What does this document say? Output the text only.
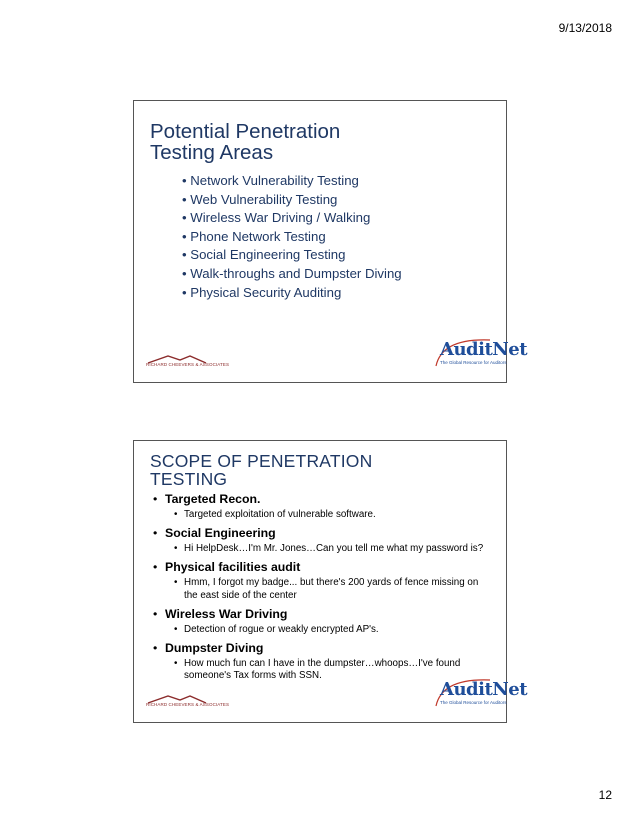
9/13/2018
Potential Penetration
Testing Areas
• Network Vulnerability Testing
• Web Vulnerability Testing
• Wireless War Driving / Walking
• Phone Network Testing
• Social Engineering Testing
• Walk-throughs and Dumpster Diving
• Physical Security Auditing
RICHARD CHEEVERS & ASSOCIATES
AuditNet
The Global Resource for Auditors
SCOPE OF PENETRATION
TESTING
• Targeted Recon.
• Targeted exploitation of vulnerable software.
• Social Engineering
• Hi HelpDesk…I'm Mr. Jones…Can you tell me what my password is?
• Physical facilities audit
• Hmm, I forgot my badge... but there's 200 yards of fence missing on the east side of the center
• Wireless War Driving
• Detection of rogue or weakly encrypted AP's.
• Dumpster Diving
• How much fun can I have in the dumpster…whoops…I've found someone's Tax forms with SSN.
RICHARD CHEEVERS & ASSOCIATES
AuditNet
The Global Resource for Auditors
12
